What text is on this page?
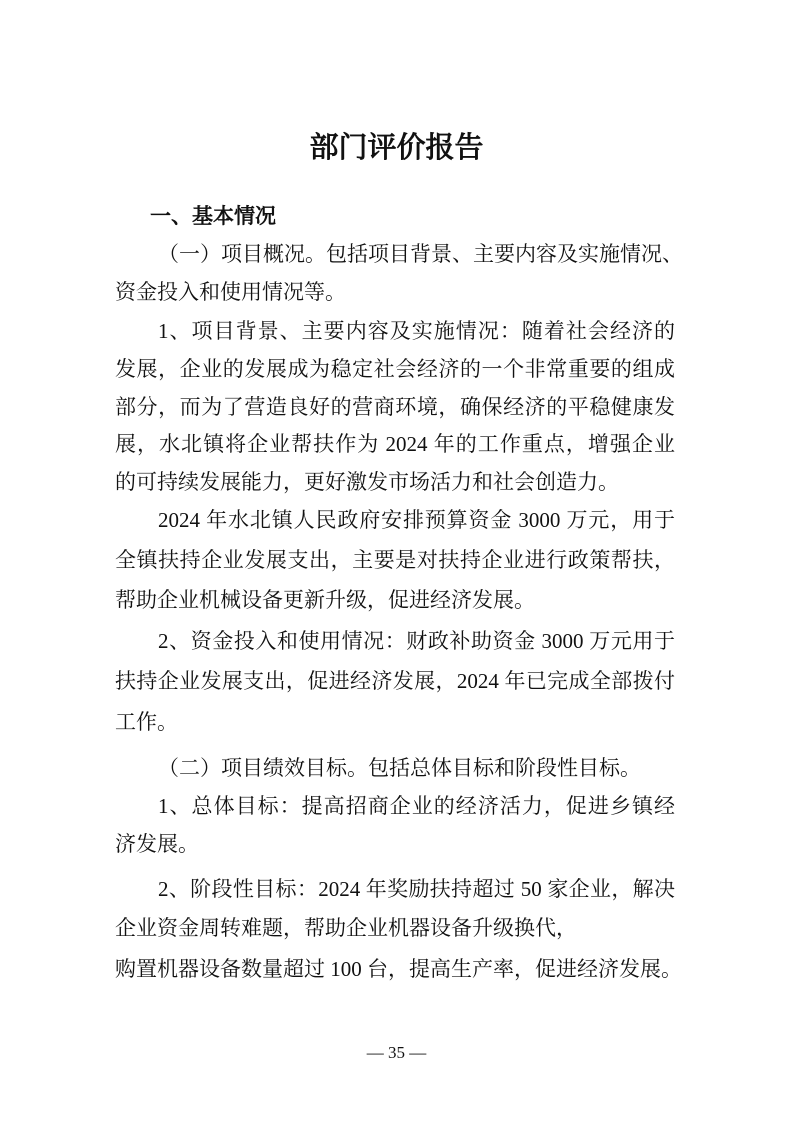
部门评价报告
一、基本情况
（一）项目概况。包括项目背景、主要内容及实施情况、
资金投入和使用情况等。
1、项目背景、主要内容及实施情况：随着社会经济的
发展，企业的发展成为稳定社会经济的一个非常重要的组成
部分，而为了营造良好的营商环境，确保经济的平稳健康发
展，水北镇将企业帮扶作为 2024 年的工作重点，增强企业
的可持续发展能力，更好激发市场活力和社会创造力。
2024 年水北镇人民政府安排预算资金 3000 万元，用于
全镇扶持企业发展支出，主要是对扶持企业进行政策帮扶，
帮助企业机械设备更新升级，促进经济发展。
2、资金投入和使用情况：财政补助资金 3000 万元用于
扶持企业发展支出，促进经济发展，2024 年已完成全部拨付
工作。
（二）项目绩效目标。包括总体目标和阶段性目标。
1、总体目标：提高招商企业的经济活力，促进乡镇经
济发展。
2、阶段性目标：2024 年奖励扶持超过 50 家企业，解决
企业资金周转难题，帮助企业机器设备升级换代，
购置机器设备数量超过 100 台，提高生产率，促进经济发展。
— 35 —
